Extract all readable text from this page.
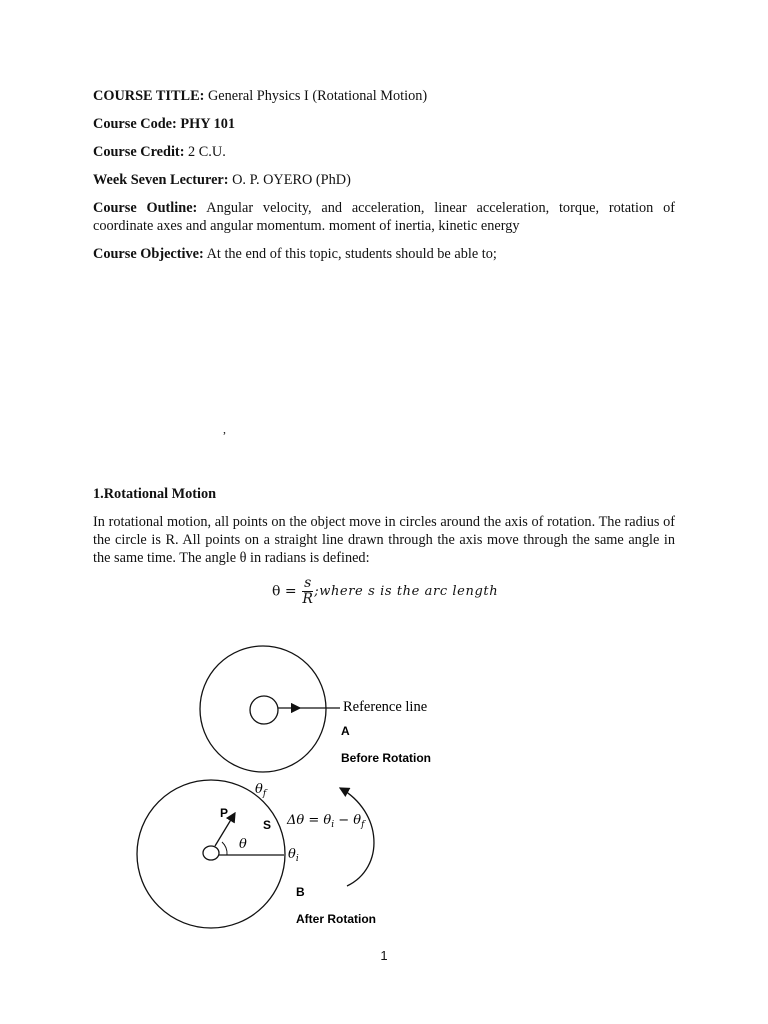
COURSE TITLE: General Physics I (Rotational Motion)

Course Code: PHY 101

Course Credit: 2 C.U.

Week Seven Lecturer: O. P. OYERO (PhD)

Course Outline: Angular velocity, and acceleration, linear acceleration, torque, rotation of coordinate axes and angular momentum. moment of inertia, kinetic energy

Course Objective: At the end of this topic, students should be able to;

,
1.Rotational Motion

In rotational motion, all points on the object move in circles around the axis of rotation. The radius of the circle is R. All points on a straight line drawn through the axis move through the same angle in the same time. The angle θ in radians is defined:

$\theta = \frac{s}{R}$ ;where s is the arc length
Reference line
A
Before Rotation
$\theta_f$
P
S
θ
$\Delta\theta = \theta_i - \theta_f$
$\theta_i$
B
After Rotation
1
